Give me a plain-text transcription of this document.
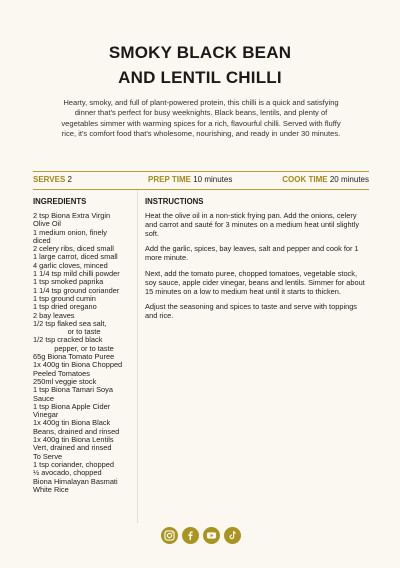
SMOKY BLACK BEAN
AND LENTIL CHILLI
Hearty, smoky, and full of plant-powered protein, this chilli is a quick and satisfying dinner that's perfect for busy weeknights. Black beans, lentils, and plenty of vegetables simmer with warming spices for a rich, flavourful chilli. Served with fluffy rice, it's comfort food that's wholesome, nourishing, and ready in under 30 minutes.
SERVES 2	PREP TIME 10 minutes	COOK TIME 20 minutes
INGREDIENTS	INSTRUCTIONS
2 tsp Biona Extra Virgin
Olive Oil
1 medium onion, finely
diced
2 celery ribs, diced small
1 large carrot, diced small
4 garlic cloves, minced
1 1/4 tsp mild chilli powder
1 tsp smoked paprika
1 1/4 tsp ground coriander
1 tsp ground cumin
1 tsp dried oregano
2 bay leaves
1/2 tsp flaked sea salt,
or to taste
1/2 tsp cracked black
pepper, or to taste
65g Biona Tomato Puree
1x 400g tin Biona Chopped
Peeled Tomatoes
250ml veggie stock
1 tsp Biona Tamari Soya
Sauce
1 tsp Biona Apple Cider
Vinegar
1x 400g tin Biona Black
Beans, drained and rinsed
1x 400g tin Biona Lentils
Vert, drained and rinsed
To Serve
1 tsp coriander, chopped
½ avocado, chopped
Biona Himalayan Basmati
White Rice

Heat the olive oil in a non-stick frying pan. Add the onions, celery and carrot and sauté for 3 minutes on a medium heat until slightly soft.

Add the garlic, spices, bay leaves, salt and pepper and cook for 1 more minute.

Next, add the tomato puree, chopped tomatoes, vegetable stock, soy sauce, apple cider vinegar, beans and lentils. Simmer for about 15 minutes on a low to medium heat until it starts to thicken.

Adjust the seasoning and spices to taste and serve with toppings and rice.
